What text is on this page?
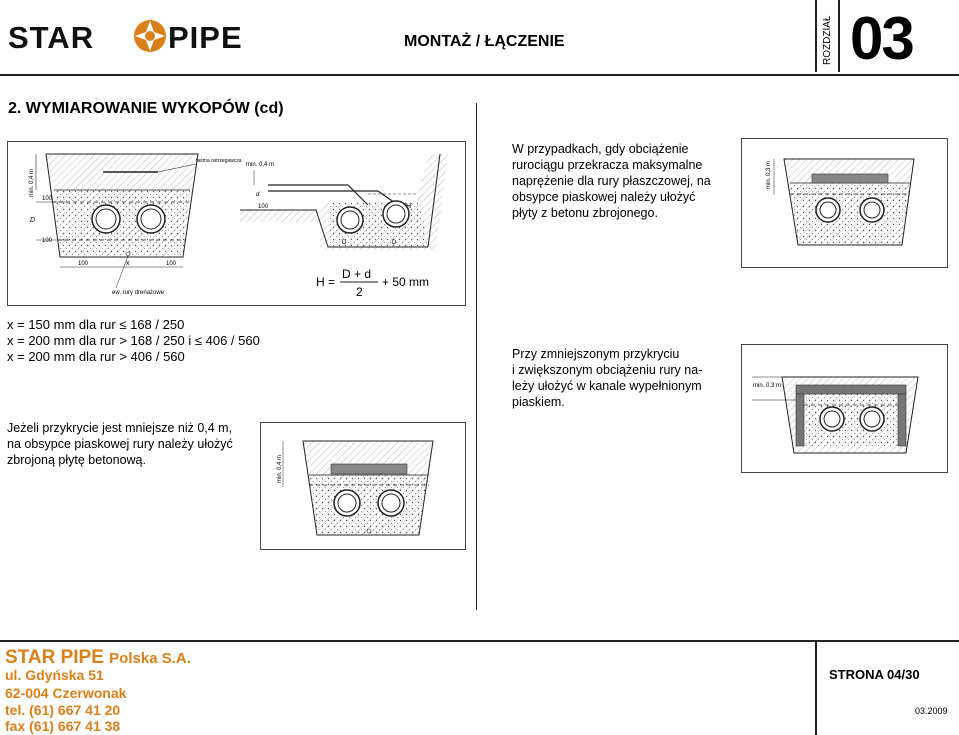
STAR PIPE	MONTAŻ / ŁĄCZENIE	ROZDZIAŁ 03
2. WYMIAROWANIE WYKOPÓW (cd)
taśma ostrzegawcza
min. 0,4 m
D
100
100
100	x	100
ew. rury drenażowe
min. 0,4 m
d
100	H
D	D
H =
D + d
2
+ 50 mm
x = 150 mm dla rur ≤ 168 / 250
x = 200 mm dla rur > 168 / 250 i ≤ 406 / 560
x = 200 mm dla rur > 406 / 560
W przypadkach, gdy obciążenie
rurociągu przekracza maksymalne
naprężenie dla rury płaszczowej, na
obsypce piaskowej należy ułożyć
płyty z betonu zbrojonego.
min. 0,3 m
Przy zmniejszonym przykryciu
i zwiększonym obciążeniu rury na-
leży ułożyć w kanale wypełnionym
piaskiem.
min. 0,3 m
Jeżeli przykrycie jest mniejsze niż 0,4 m,
na obsypce piaskowej rury należy ułożyć
zbrojoną płytę betonową.	min. 0,4 m
STAR PIPE Polska S.A.
ul. Gdyńska 51
62-004 Czerwonak
tel. (61) 667 41 20
fax (61) 667 41 38
STRONA 04/30
03.2009
